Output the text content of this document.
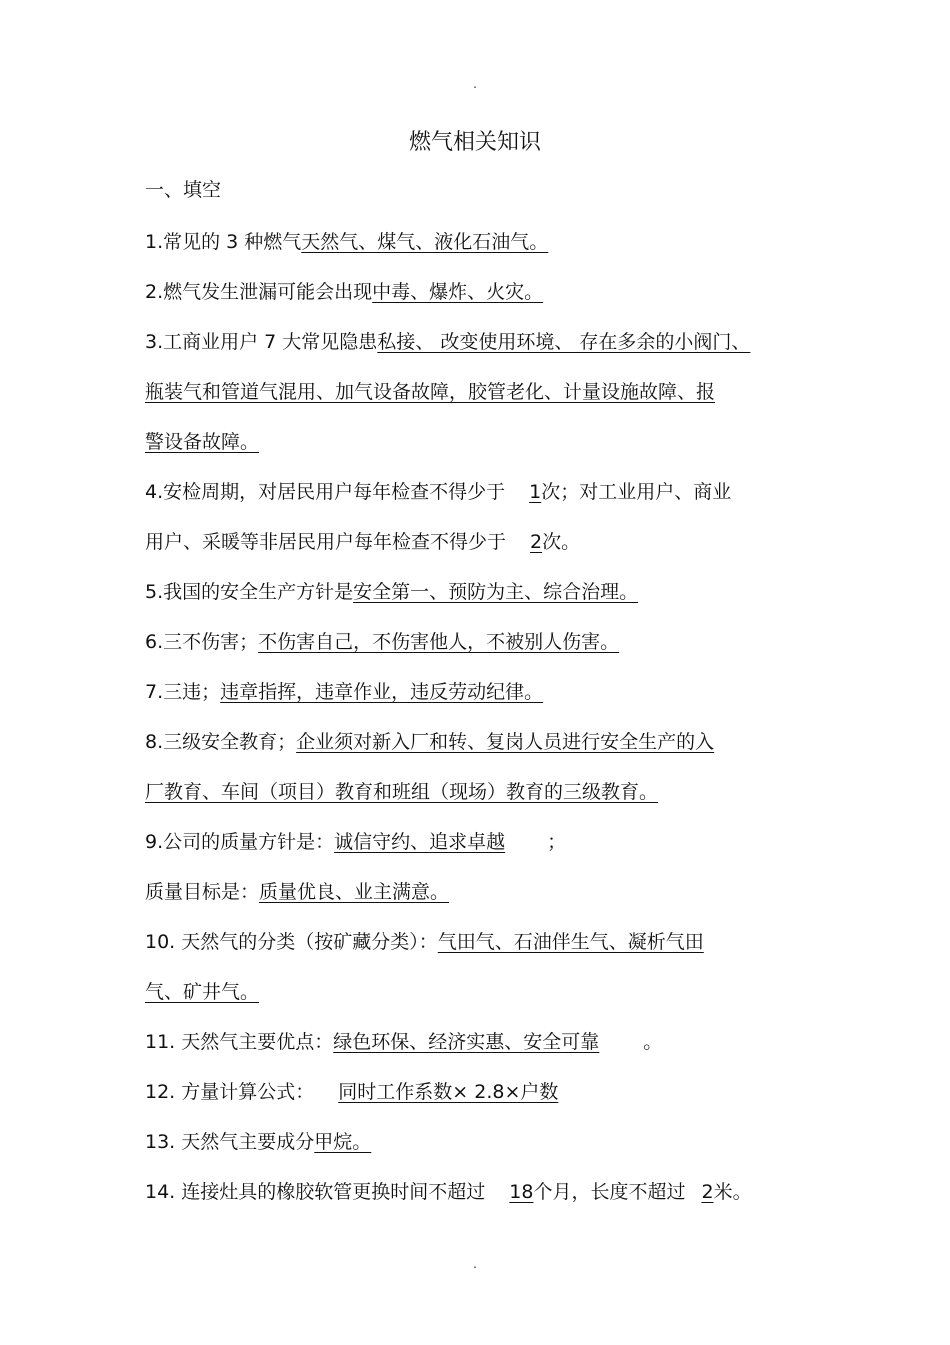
.
燃气相关知识
一、填空
1.常见的 3 种燃气天然气、煤气、液化石油气。
2.燃气发生泄漏可能会出现中毒、爆炸、火灾。
3.工商业用户 7 大常见隐患私接、 改变使用环境、 存在多余的小阀门、
瓶装气和管道气混用、加气设备故障，胶管老化、计量设施故障、报
警设备故障。
4.安检周期，对居民用户每年检查不得少于 1次；对工业用户、商业
用户、采暖等非居民用户每年检查不得少于 2次。
5.我国的安全生产方针是安全第一、预防为主、综合治理。
6.三不伤害；不伤害自己，不伤害他人，不被别人伤害。
7.三违；违章指挥，违章作业，违反劳动纪律。
8.三级安全教育；企业须对新入厂和转、复岗人员进行安全生产的入
厂教育、车间（项目）教育和班组（现场）教育的三级教育。
9.公司的质量方针是：诚信守约、追求卓越 ；
质量目标是：质量优良、业主满意。
10. 天然气的分类（按矿藏分类）：气田气、石油伴生气、凝析气田
气、矿井气。
11. 天然气主要优点：绿色环保、经济实惠、安全可靠 。
12. 方量计算公式： 同时工作系数× 2.8×户数
13. 天然气主要成分甲烷。
14. 连接灶具的橡胶软管更换时间不超过 18个月，长度不超过 2米。
.
